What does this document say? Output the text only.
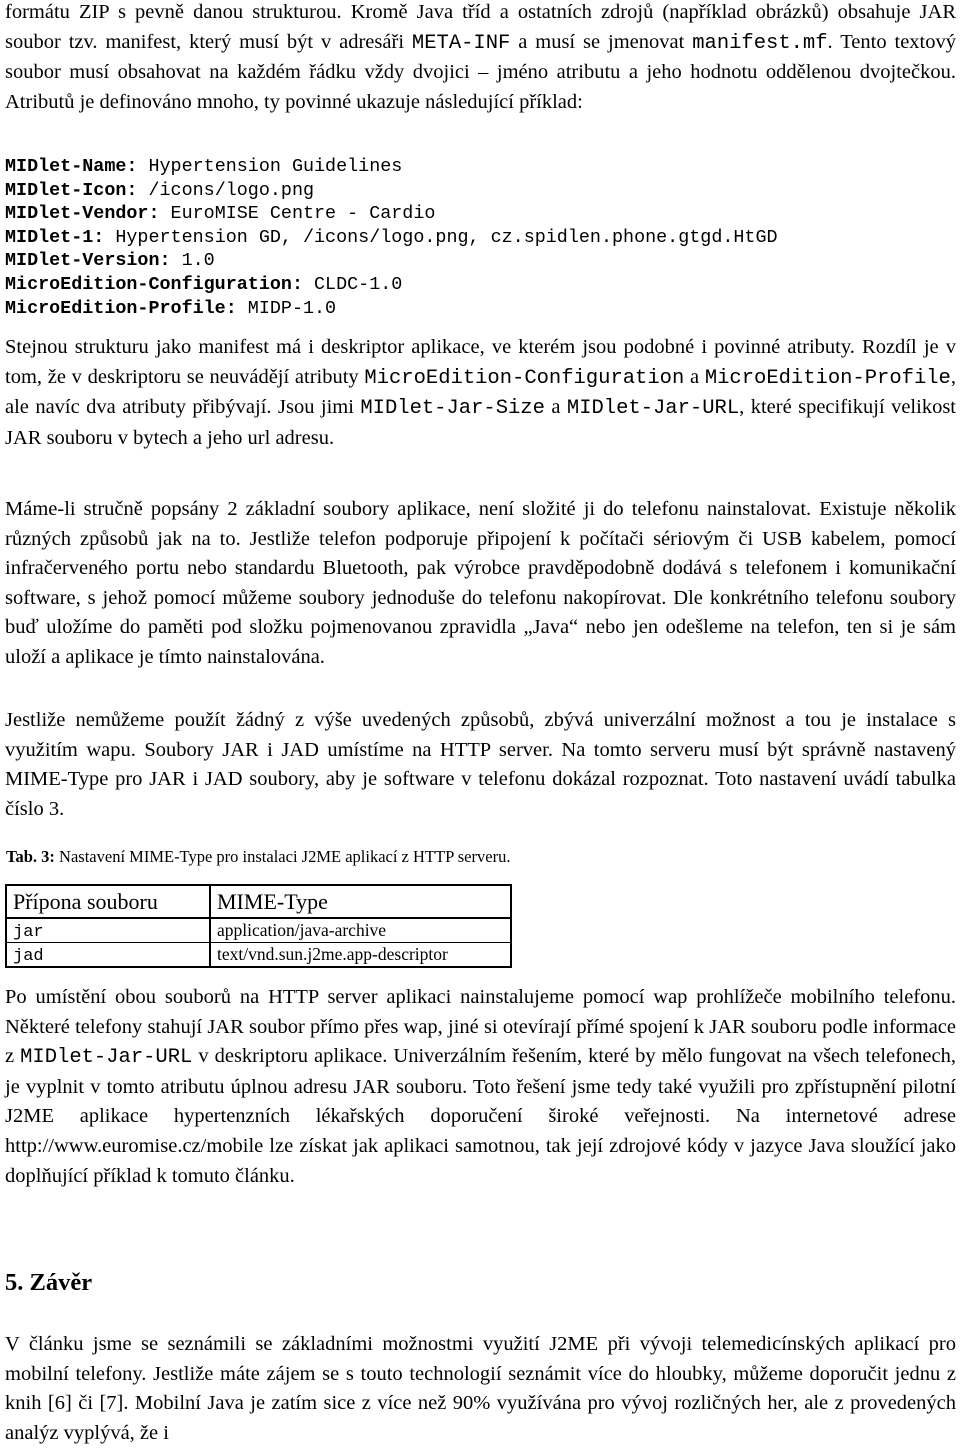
formátu ZIP s pevně danou strukturou. Kromě Java tříd a ostatních zdrojů (například obrázků) obsahuje JAR soubor tzv. manifest, který musí být v adresáři META-INF a musí se jmenovat manifest.mf. Tento textový soubor musí obsahovat na každém řádku vždy dvojici – jméno atributu a jeho hodnotu oddělenou dvojtečkou. Atributů je definováno mnoho, ty povinné ukazuje následující příklad:

MIDlet-Name: Hypertension Guidelines

MIDlet-Icon: /icons/logo.png

MIDlet-Vendor: EuroMISE Centre - Cardio

MIDlet-1: Hypertension GD, /icons/logo.png, cz.spidlen.phone.gtgd.HtGD

MIDlet-Version: 1.0

MicroEdition-Configuration: CLDC-1.0

MicroEdition-Profile: MIDP-1.0

Stejnou strukturu jako manifest má i deskriptor aplikace, ve kterém jsou podobné i povinné atributy. Rozdíl je v tom, že v deskriptoru se neuvádějí atributy MicroEdition-Configuration a MicroEdition-Profile, ale navíc dva atributy přibývají. Jsou jimi MIDlet-Jar-Size a MIDlet-Jar-URL, které specifikují velikost JAR souboru v bytech a jeho url adresu.

Máme-li stručně popsány 2 základní soubory aplikace, není složité ji do telefonu nainstalovat. Existuje několik různých způsobů jak na to. Jestliže telefon podporuje připojení k počítači sériovým či USB kabelem, pomocí infračerveného portu nebo standardu Bluetooth, pak výrobce pravděpodobně dodává s telefonem i komunikační software, s jehož pomocí můžeme soubory jednoduše do telefonu nakopírovat. Dle konkrétního telefonu soubory buď uložíme do paměti pod složku pojmenovanou zpravidla „Java“ nebo jen odešleme na telefon, ten si je sám uloží a aplikace je tímto nainstalována.

Jestliže nemůžeme použít žádný z výše uvedených způsobů, zbývá univerzální možnost a tou je instalace s využitím wapu. Soubory JAR i JAD umístíme na HTTP server. Na tomto serveru musí být správně nastavený MIME-Type pro JAR i JAD soubory, aby je software v telefonu dokázal rozpoznat. Toto nastavení uvádí tabulka číslo 3.

Tab. 3: Nastavení MIME-Type pro instalaci J2ME aplikací z HTTP serveru.

Přípona souboru	MIME-Type
jar	application/java-archive
jad	text/vnd.sun.j2me.app-descriptor

Po umístění obou souborů na HTTP server aplikaci nainstalujeme pomocí wap prohlížeče mobilního telefonu. Některé telefony stahují JAR soubor přímo přes wap, jiné si otevírají přímé spojení k JAR souboru podle informace z MIDlet-Jar-URL v deskriptoru aplikace. Univerzálním řešením, které by mělo fungovat na všech telefonech, je vyplnit v tomto atributu úplnou adresu JAR souboru. Toto řešení jsme tedy také využili pro zpřístupnění pilotní J2ME aplikace hypertenzních lékařských doporučení široké veřejnosti. Na internetové adrese http://www.euromise.cz/mobile lze získat jak aplikaci samotnou, tak její zdrojové kódy v jazyce Java sloužící jako doplňující příklad k tomuto článku.

5. Závěr

V článku jsme se seznámili se základními možnostmi využití J2ME při vývoji telemedicínských aplikací pro mobilní telefony. Jestliže máte zájem se s touto technologií seznámit více do hloubky, můžeme doporučit jednu z knih [6] či [7]. Mobilní Java je zatím sice z více než 90% využívána pro vývoj rozličných her, ale z provedených analýz vyplývá, že i
